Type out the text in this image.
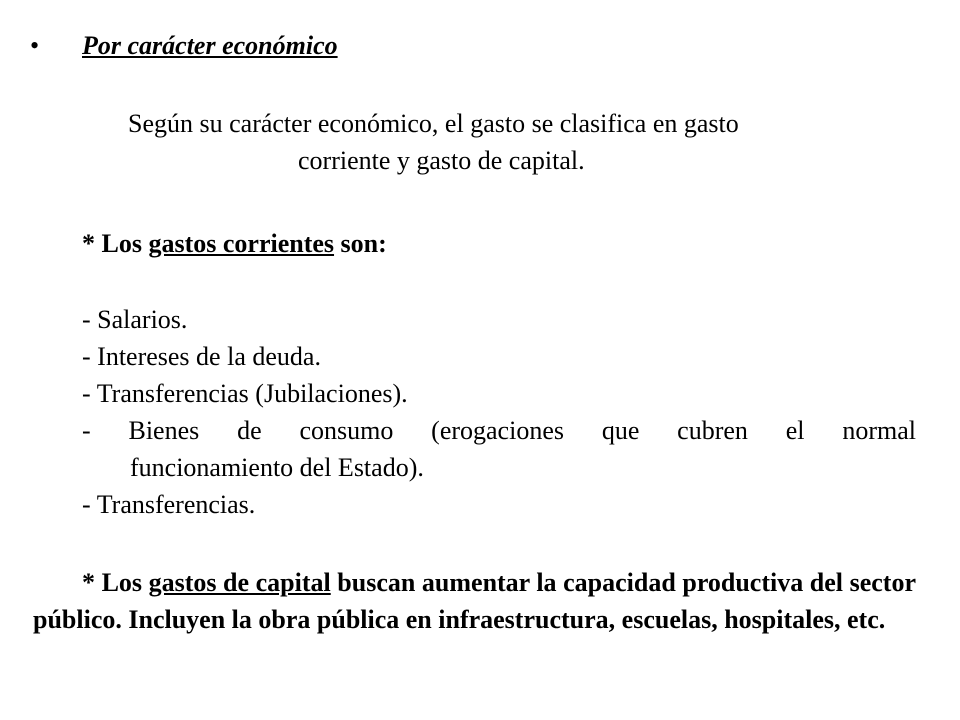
• Por carácter económico
Según su carácter económico, el gasto se clasifica en gasto
corriente y gasto de capital.
* Los gastos corrientes son:
- Salarios.
- Intereses de la deuda.
- Transferencias (Jubilaciones).
- Bienes de consumo (erogaciones que cubren el normal
funcionamiento del Estado).
- Transferencias.
* Los gastos de capital buscan aumentar la capacidad productiva del sector público. Incluyen la obra pública en infraestructura, escuelas, hospitales, etc.
